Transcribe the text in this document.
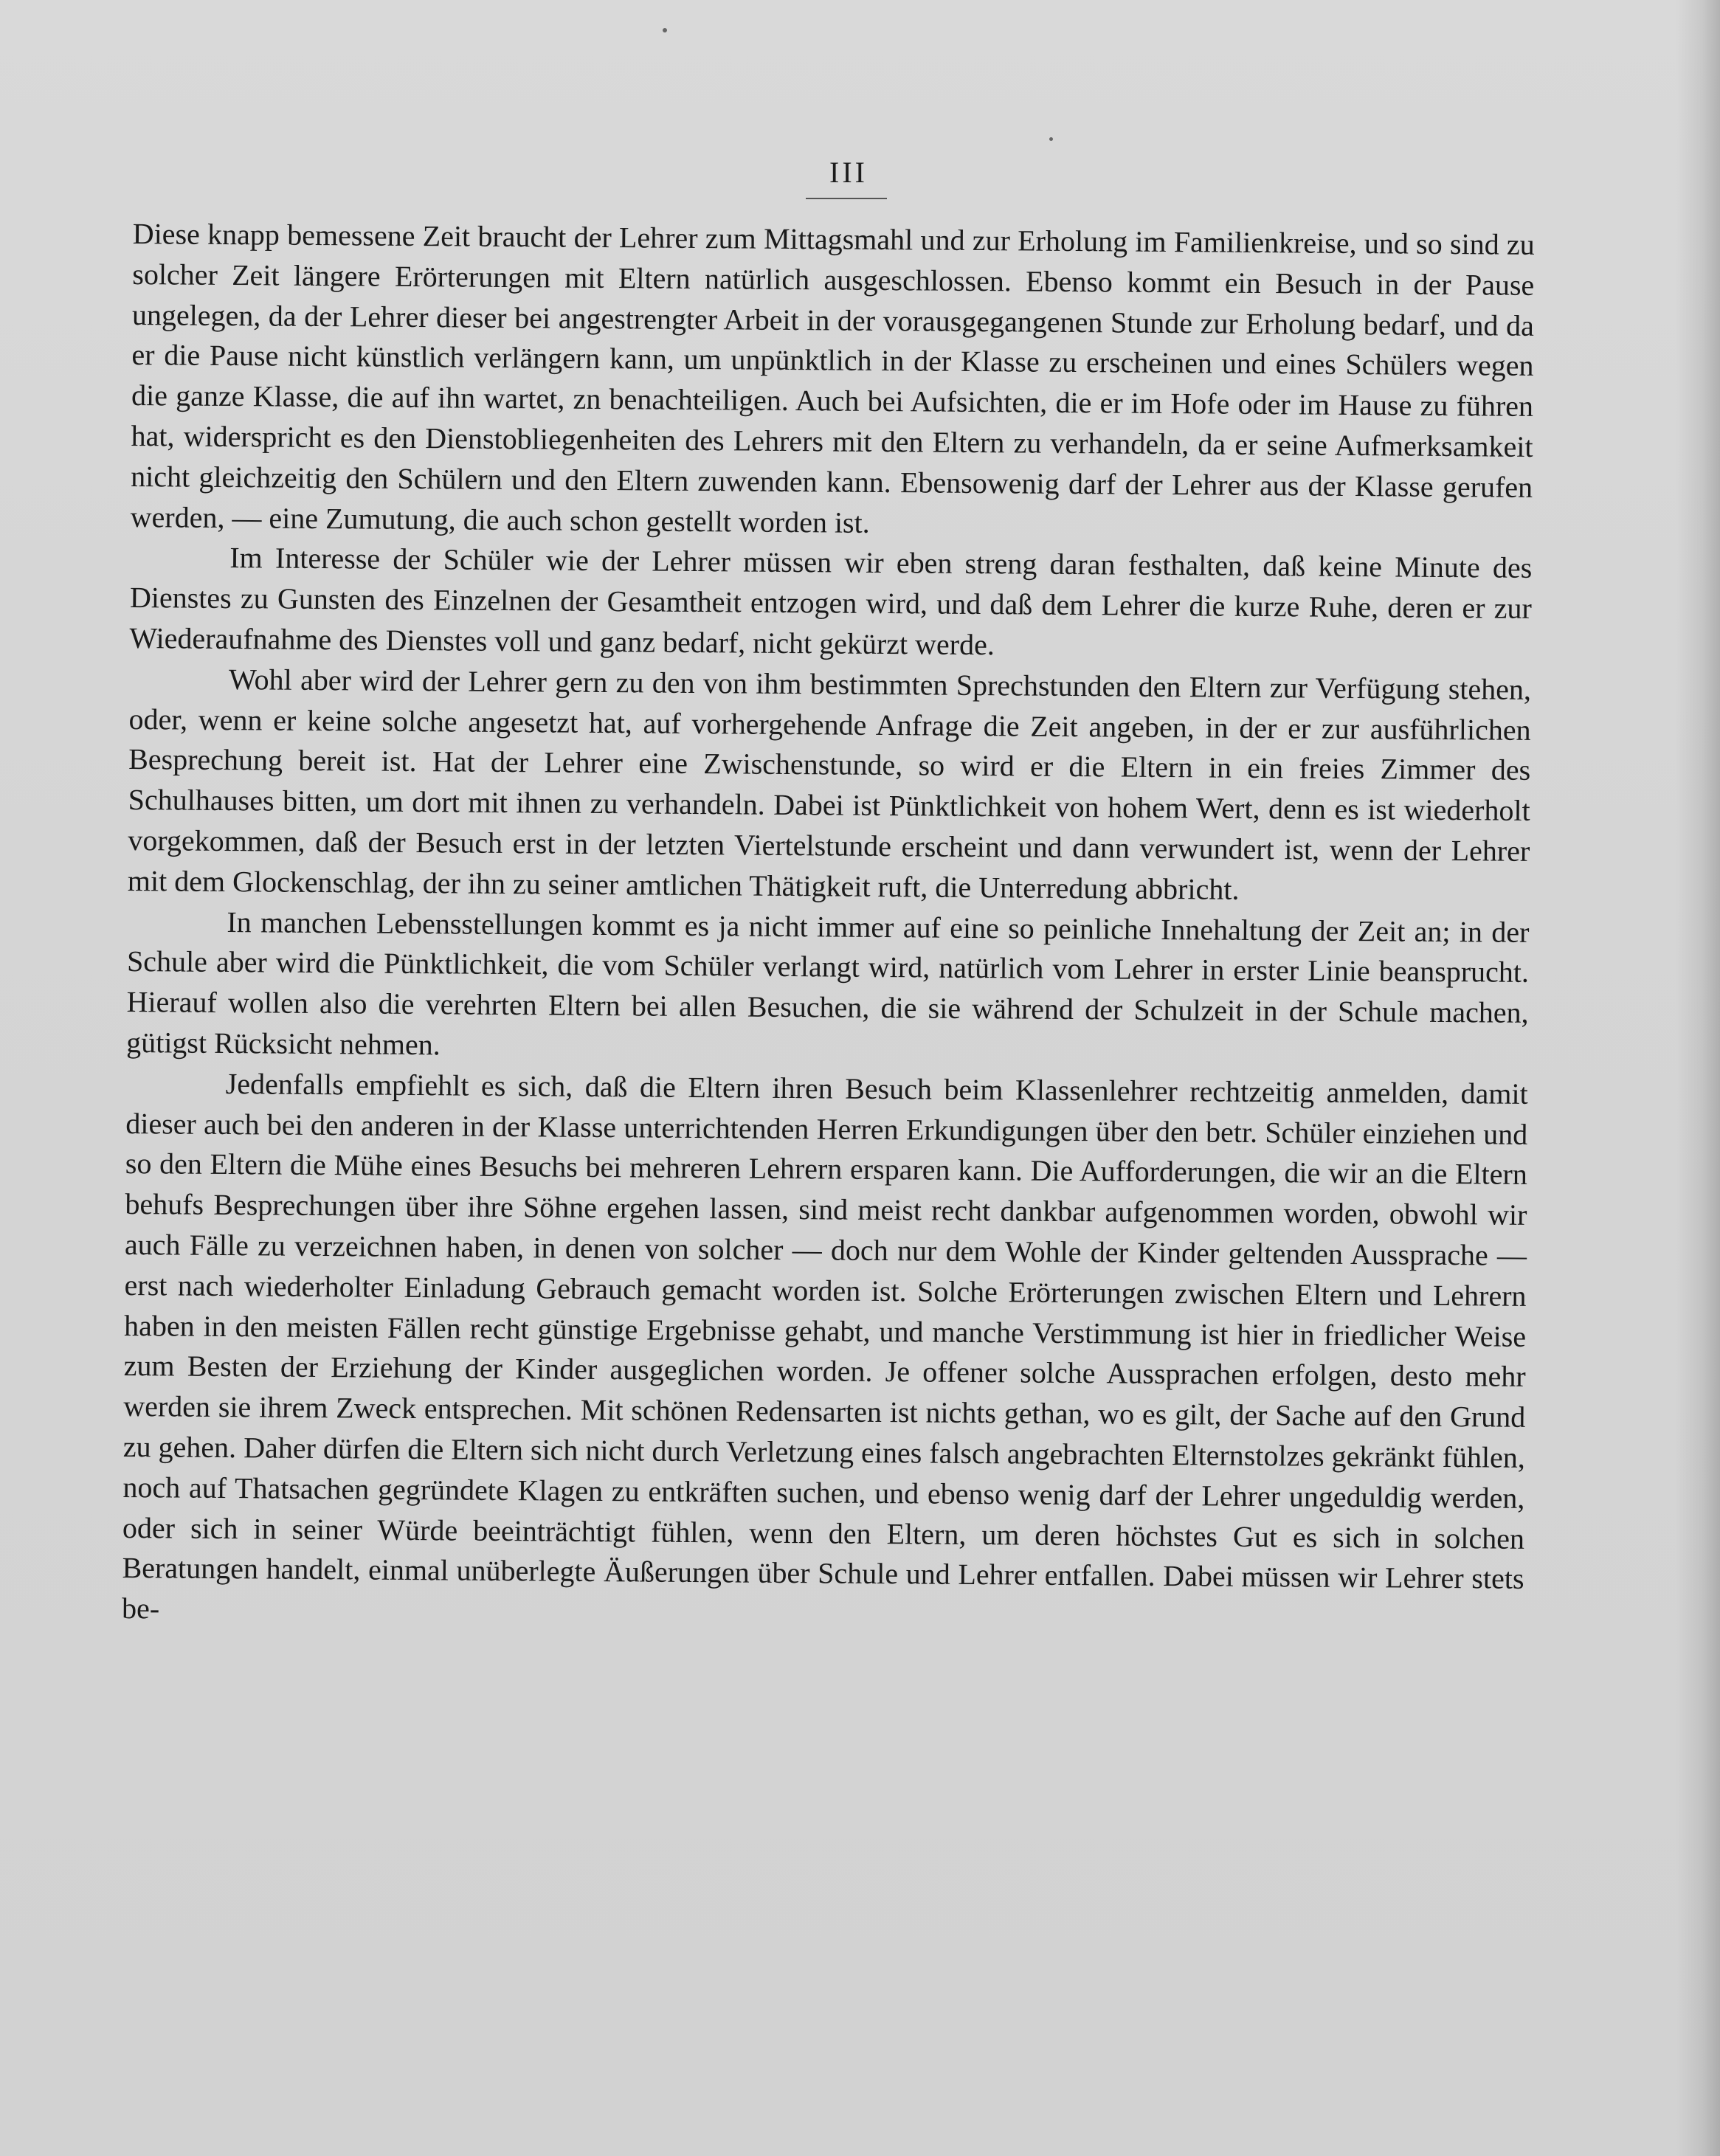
III

Diese knapp bemessene Zeit braucht der Lehrer zum Mittagsmahl und zur Erholung im Familienkreise, und so sind zu solcher Zeit längere Erörterungen mit Eltern natürlich ausgeschlossen. Ebenso kommt ein Besuch in der Pause ungelegen, da der Lehrer dieser bei angestrengter Arbeit in der vorausgegangenen Stunde zur Erholung bedarf, und da er die Pause nicht künstlich verlängern kann, um unpünktlich in der Klasse zu erscheinen und eines Schülers wegen die ganze Klasse, die auf ihn wartet, zn benachteiligen. Auch bei Aufsichten, die er im Hofe oder im Hause zu führen hat, widerspricht es den Dienstobliegenheiten des Lehrers mit den Eltern zu verhandeln, da er seine Aufmerksamkeit nicht gleichzeitig den Schülern und den Eltern zuwenden kann. Ebensowenig darf der Lehrer aus der Klasse gerufen werden, — eine Zumutung, die auch schon gestellt worden ist.

Im Interesse der Schüler wie der Lehrer müssen wir eben streng daran festhalten, daß keine Minute des Dienstes zu Gunsten des Einzelnen der Gesamtheit entzogen wird, und daß dem Lehrer die kurze Ruhe, deren er zur Wiederaufnahme des Dienstes voll und ganz bedarf, nicht gekürzt werde.

Wohl aber wird der Lehrer gern zu den von ihm bestimmten Sprechstunden den Eltern zur Verfügung stehen, oder, wenn er keine solche angesetzt hat, auf vorhergehende Anfrage die Zeit angeben, in der er zur ausführlichen Besprechung bereit ist. Hat der Lehrer eine Zwischenstunde, so wird er die Eltern in ein freies Zimmer des Schulhauses bitten, um dort mit ihnen zu verhandeln. Dabei ist Pünktlichkeit von hohem Wert, denn es ist wiederholt vorgekommen, daß der Besuch erst in der letzten Viertelstunde erscheint und dann verwundert ist, wenn der Lehrer mit dem Glockenschlag, der ihn zu seiner amtlichen Thätigkeit ruft, die Unterredung abbricht.

In manchen Lebensstellungen kommt es ja nicht immer auf eine so peinliche Innehaltung der Zeit an; in der Schule aber wird die Pünktlichkeit, die vom Schüler verlangt wird, natürlich vom Lehrer in erster Linie beansprucht. Hierauf wollen also die verehrten Eltern bei allen Besuchen, die sie während der Schulzeit in der Schule machen, gütigst Rücksicht nehmen.

Jedenfalls empfiehlt es sich, daß die Eltern ihren Besuch beim Klassenlehrer rechtzeitig anmelden, damit dieser auch bei den anderen in der Klasse unterrichtenden Herren Erkundigungen über den betr. Schüler einziehen und so den Eltern die Mühe eines Besuchs bei mehreren Lehrern ersparen kann. Die Aufforderungen, die wir an die Eltern behufs Besprechungen über ihre Söhne ergehen lassen, sind meist recht dankbar aufgenommen worden, obwohl wir auch Fälle zu verzeichnen haben, in denen von solcher — doch nur dem Wohle der Kinder geltenden Aussprache — erst nach wiederholter Einladung Gebrauch gemacht worden ist. Solche Erörterungen zwischen Eltern und Lehrern haben in den meisten Fällen recht günstige Ergebnisse gehabt, und manche Verstimmung ist hier in friedlicher Weise zum Besten der Erziehung der Kinder ausgeglichen worden. Je offener solche Aussprachen erfolgen, desto mehr werden sie ihrem Zweck entsprechen. Mit schönen Redensarten ist nichts gethan, wo es gilt, der Sache auf den Grund zu gehen. Daher dürfen die Eltern sich nicht durch Verletzung eines falsch angebrachten Elternstolzes gekränkt fühlen, noch auf Thatsachen gegründete Klagen zu entkräften suchen, und ebenso wenig darf der Lehrer ungeduldig werden, oder sich in seiner Würde beeinträchtigt fühlen, wenn den Eltern, um deren höchstes Gut es sich in solchen Beratungen handelt, einmal unüberlegte Äußerungen über Schule und Lehrer entfallen. Dabei müssen wir Lehrer stets be-
